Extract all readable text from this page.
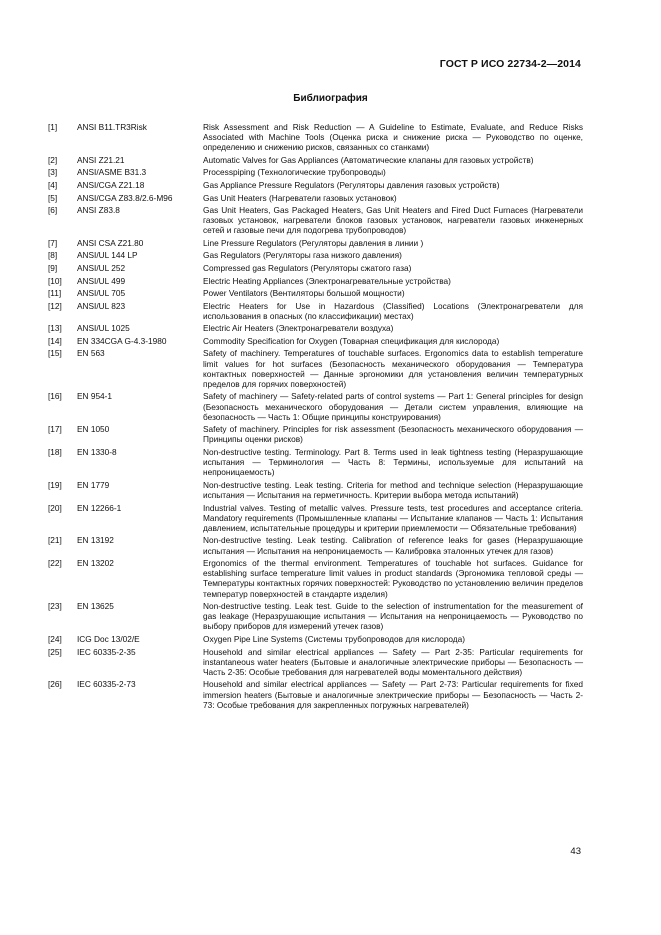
ГОСТ Р ИСО 22734-2—2014
Библиография
[1]	ANSI B11.TR3Risk	Risk Assessment and Risk Reduction — A Guideline to Estimate, Evaluate, and Reduce Risks Associated with Machine Tools (Оценка риска и снижение риска — Руководство по оценке, определению и снижению рисков, связанных со станками)
[2]	ANSI Z21.21	Automatic Valves for Gas Appliances (Автоматические клапаны для газовых устройств)
[3]	ANSI/ASME B31.3	Processpiping (Технологические трубопроводы)
[4]	ANSI/CGA Z21.18	Gas Appliance Pressure Regulators (Регуляторы давления газовых устройств)
[5]	ANSI/CGA Z83.8/2.6-M96	Gas Unit Heaters (Нагреватели газовых установок)
[6]	ANSI Z83.8	Gas Unit Heaters, Gas Packaged Heaters, Gas Unit Heaters and Fired Duct Furnaces (Нагреватели газовых установок, нагреватели блоков газовых установок, нагреватели газовых инженерных сетей и газовые печи для подогрева трубопроводов)
[7]	ANSI CSA Z21.80	Line Pressure Regulators (Регуляторы давления в линии )
[8]	ANSI/UL 144 LP	Gas Regulators (Регуляторы газа низкого давления)
[9]	ANSI/UL 252	Compressed gas Regulators (Регуляторы сжатого газа)
[10]	ANSI/UL 499	Electric Heating Appliances (Электронагревательные устройства)
[11]	ANSI/UL 705	Power Ventilators (Вентиляторы большой мощности)
[12]	ANSI/UL 823	Electric Heaters for Use in Hazardous (Classified) Locations (Электронагреватели для использования в опасных (по классификации) местах)
[13]	ANSI/UL 1025	Electric Air Heaters (Электронагреватели воздуха)
[14]	EN 334CGA G-4.3-1980	Commodity Specification for Oxygen (Товарная спецификация для кислорода)
[15]	EN 563	Safety of machinery. Temperatures of touchable surfaces. Ergonomics data to establish temperature limit values for hot surfaces (Безопасность механического оборудования — Температура контактных поверхностей — Данные эргономики для установления величин температурных пределов для горячих поверхностей)
[16]	EN 954-1	Safety of machinery — Safety-related parts of control systems — Part 1: General principles for design (Безопасность механического оборудования — Детали систем управления, влияющие на безопасность — Часть 1: Общие принципы конструирования)
[17]	EN 1050	Safety of machinery. Principles for risk assessment (Безопасность механического оборудования — Принципы оценки рисков)
[18]	EN 1330-8	Non-destructive testing. Terminology. Part 8. Terms used in leak tightness testing (Неразрушающие испытания — Терминология — Часть 8: Термины, используемые для испытаний на непроницаемость)
[19]	EN 1779	Non-destructive testing. Leak testing. Criteria for method and technique selection (Неразрушающие испытания — Испытания на герметичность. Критерии выбора метода испытаний)
[20]	EN 12266-1	Industrial valves. Testing of metallic valves. Pressure tests, test procedures and acceptance criteria. Mandatory requirements (Промышленные клапаны — Испытание клапанов — Часть 1: Испытания давлением, испытательные процедуры и критерии приемлемости — Обязательные требования)
[21]	EN 13192	Non-destructive testing. Leak testing. Calibration of reference leaks for gases (Неразрушающие испытания — Испытания на непроницаемость — Калибровка эталонных утечек для газов)
[22]	EN 13202	Ergonomics of the thermal environment. Temperatures of touchable hot surfaces. Guidance for establishing surface temperature limit values in product standards (Эргономика тепловой среды — Температуры контактных горячих поверхностей: Руководство по установлению величин пределов температур поверхностей в стандарте изделия)
[23]	EN 13625	Non-destructive testing. Leak test. Guide to the selection of instrumentation for the measurement of gas leakage (Неразрушающие испытания — Испытания на непроницаемость — Руководство по выбору приборов для измерений утечек газов)
[24]	ICG Doc 13/02/E	Oxygen Pipe Line Systems (Системы трубопроводов для кислорода)
[25]	IEC 60335-2-35	Household and similar electrical appliances — Safety — Part 2-35: Particular requirements for instantaneous water heaters (Бытовые и аналогичные электрические приборы — Безопасность — Часть 2-35: Особые требования для нагревателей воды моментального действия)
[26]	IEC 60335-2-73	Household and similar electrical appliances — Safety — Part 2-73: Particular requirements for fixed immersion heaters (Бытовые и аналогичные электрические приборы — Безопасность — Часть 2-73: Особые требования для закрепленных погружных нагревателей)
43
